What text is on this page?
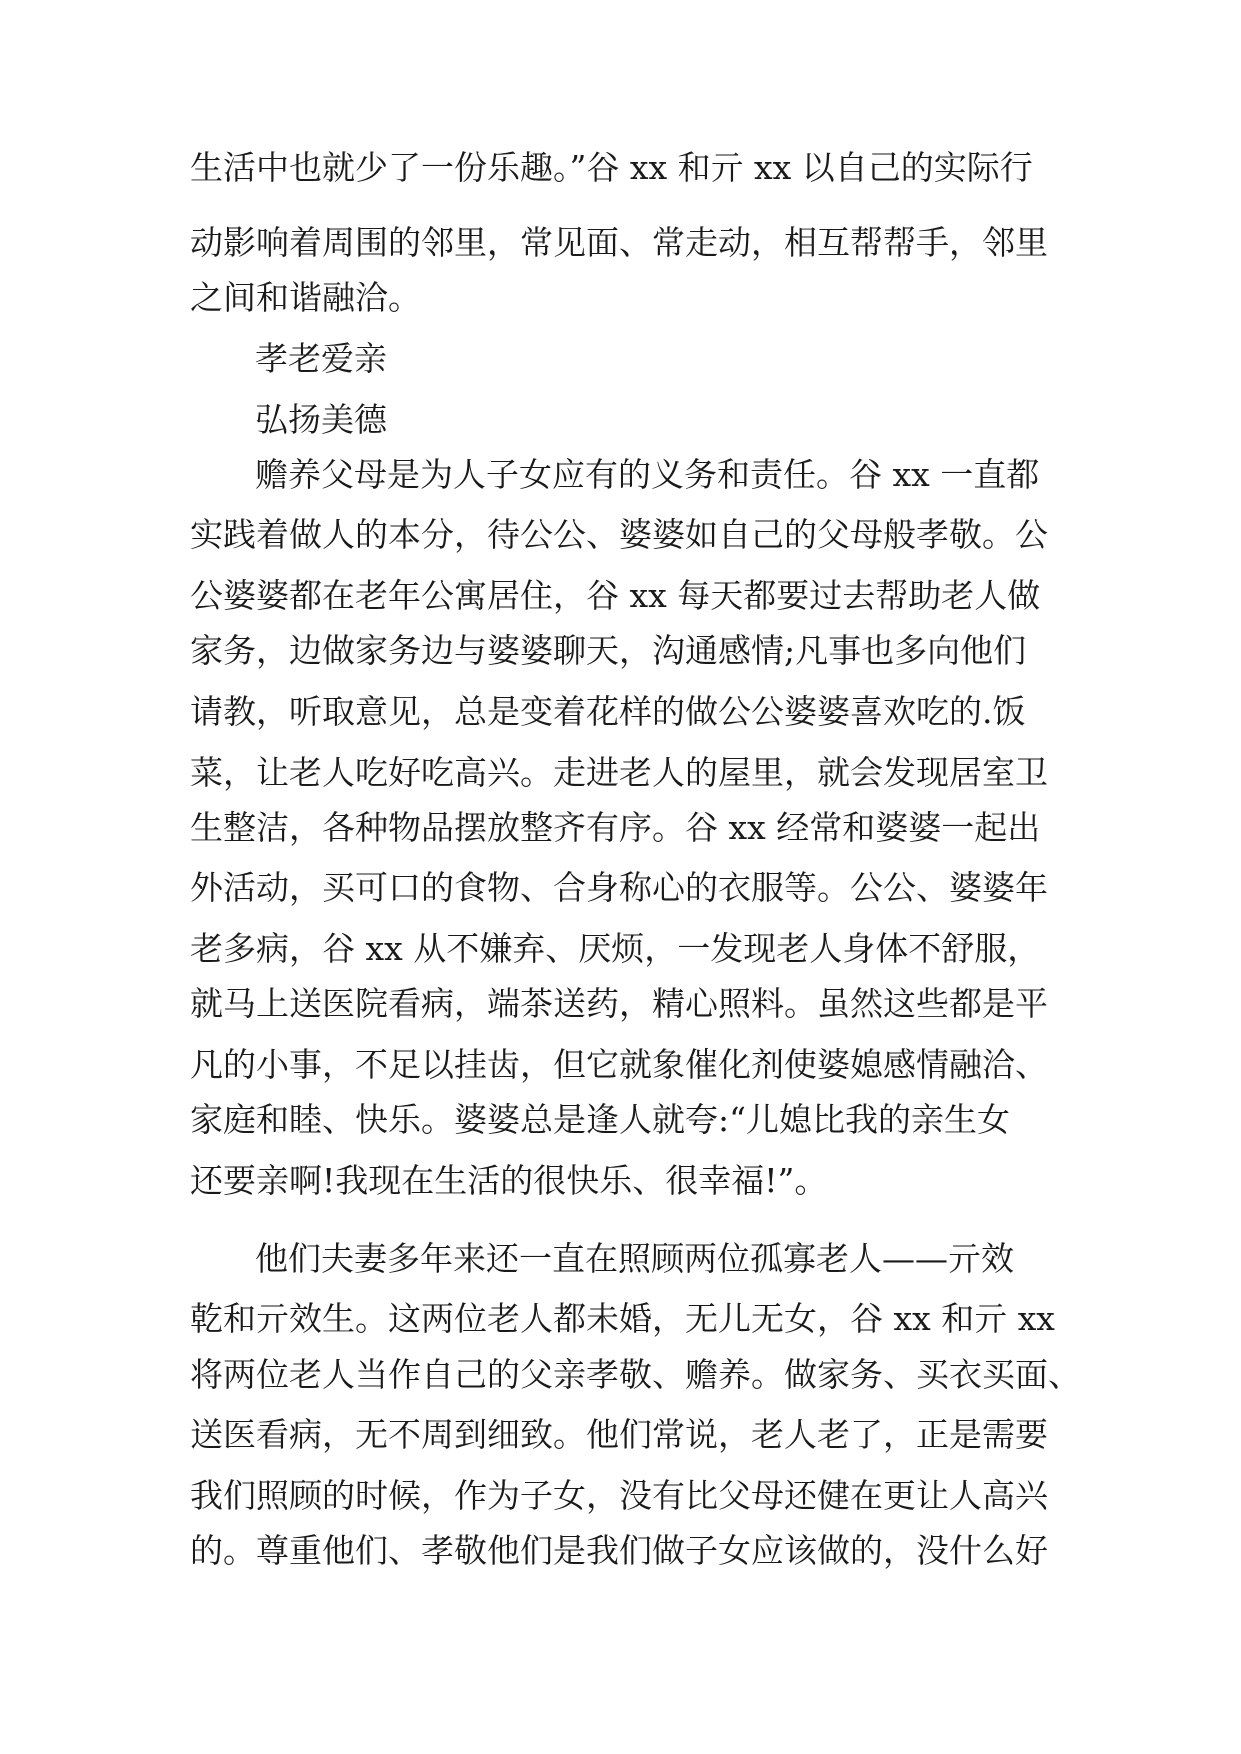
生活中也就少了一份乐趣。”谷 xx 和亓 xx 以自己的实际行
动影响着周围的邻里，常见面、常走动，相互帮帮手，邻里
之间和谐融洽。
孝老爱亲
弘扬美德
赡养父母是为人子女应有的义务和责任。谷 xx 一直都
实践着做人的本分，待公公、婆婆如自己的父母般孝敬。公
公婆婆都在老年公寓居住，谷 xx 每天都要过去帮助老人做
家务，边做家务边与婆婆聊天，沟通感情;凡事也多向他们
请教，听取意见，总是变着花样的做公公婆婆喜欢吃的.饭
菜，让老人吃好吃高兴。走进老人的屋里，就会发现居室卫
生整洁，各种物品摆放整齐有序。谷 xx 经常和婆婆一起出
外活动，买可口的食物、合身称心的衣服等。公公、婆婆年
老多病，谷 xx 从不嫌弃、厌烦，一发现老人身体不舒服，
就马上送医院看病，端茶送药，精心照料。虽然这些都是平
凡的小事，不足以挂齿，但它就象催化剂使婆媳感情融洽、
家庭和睦、快乐。婆婆总是逢人就夸:“儿媳比我的亲生女
还要亲啊!我现在生活的很快乐、很幸福!”。
他们夫妻多年来还一直在照顾两位孤寡老人——亓效
乾和亓效生。这两位老人都未婚，无儿无女，谷 xx 和亓 xx
将两位老人当作自己的父亲孝敬、赡养。做家务、买衣买面、
送医看病，无不周到细致。他们常说，老人老了，正是需要
我们照顾的时候，作为子女，没有比父母还健在更让人高兴
的。尊重他们、孝敬他们是我们做子女应该做的，没什么好
